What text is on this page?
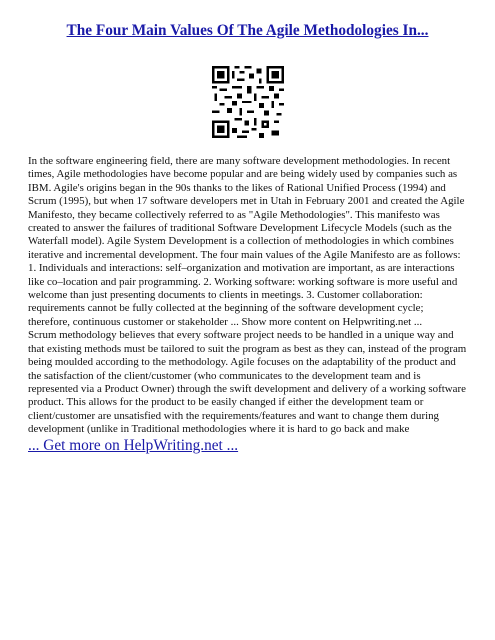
The Four Main Values Of The Agile Methodologies In...
In the software engineering field, there are many software development methodologies. In recent
times, Agile methodologies have become popular and are being widely used by companies such as
IBM. Agile's origins began in the 90s thanks to the likes of Rational Unified Process (1994) and
Scrum (1995), but when 17 software developers met in Utah in February 2001 and created the Agile
Manifesto, they became collectively referred to as "Agile Methodologies". This manifesto was
created to answer the failures of traditional Software Development Lifecycle Models (such as the
Waterfall model). Agile System Development is a collection of methodologies in which combines
iterative and incremental development. The four main values of the Agile Manifesto are as follows:
1. Individuals and interactions: self–organization and motivation are important, as are interactions
like co–location and pair programming. 2. Working software: working software is more useful and
welcome than just presenting documents to clients in meetings. 3. Customer collaboration:
requirements cannot be fully collected at the beginning of the software development cycle;
therefore, continuous customer or stakeholder ... Show more content on Helpwriting.net ...
Scrum methodology believes that every software project needs to be handled in a unique way and
that existing methods must be tailored to suit the program as best as they can, instead of the program
being moulded according to the methodology. Agile focuses on the adaptability of the product and
the satisfaction of the client/customer (who communicates to the development team and is
represented via a Product Owner) through the swift development and delivery of a working software
product. This allows for the product to be easily changed if either the development team or
client/customer are unsatisfied with the requirements/features and want to change them during
development (unlike in Traditional methodologies where it is hard to go back and make
... Get more on HelpWriting.net ...
